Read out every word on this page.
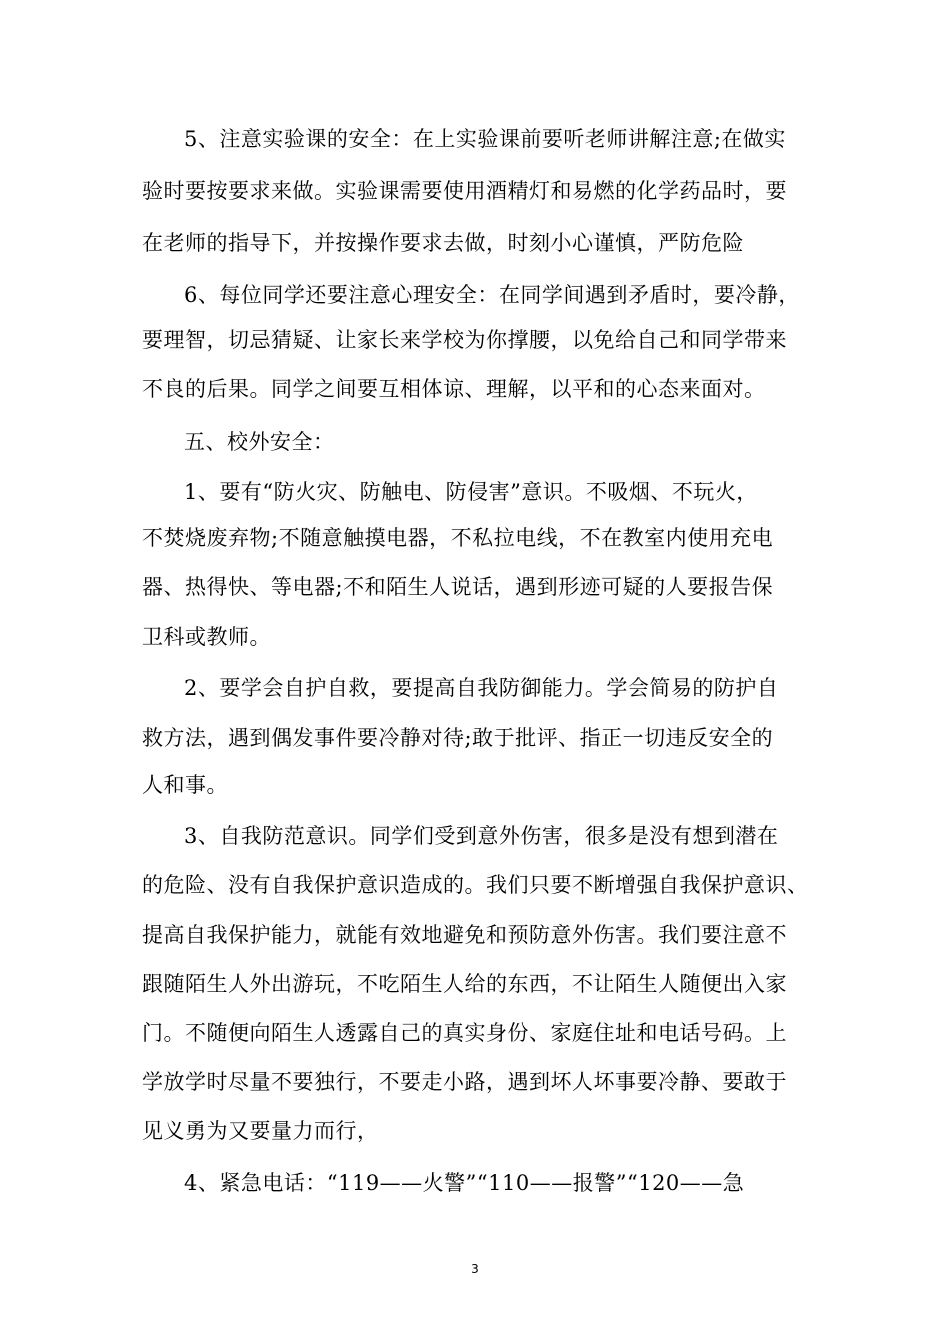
5、注意实验课的安全：在上实验课前要听老师讲解注意;在做实
验时要按要求来做。实验课需要使用酒精灯和易燃的化学药品时，要
在老师的指导下，并按操作要求去做，时刻小心谨慎，严防危险
6、每位同学还要注意心理安全：在同学间遇到矛盾时，要冷静，
要理智，切忌猜疑、让家长来学校为你撑腰，以免给自己和同学带来
不良的后果。同学之间要互相体谅、理解，以平和的心态来面对。
五、校外安全：
1、要有“防火灾、防触电、防侵害”意识。不吸烟、不玩火，
不焚烧废弃物;不随意触摸电器，不私拉电线，不在教室内使用充电
器、热得快、等电器;不和陌生人说话，遇到形迹可疑的人要报告保
卫科或教师。
2、要学会自护自救，要提高自我防御能力。学会简易的防护自
救方法，遇到偶发事件要冷静对待;敢于批评、指正一切违反安全的
人和事。
3、自我防范意识。同学们受到意外伤害，很多是没有想到潜在
的危险、没有自我保护意识造成的。我们只要不断增强自我保护意识、
提高自我保护能力，就能有效地避免和预防意外伤害。我们要注意不
跟随陌生人外出游玩，不吃陌生人给的东西，不让陌生人随便出入家
门。不随便向陌生人透露自己的真实身份、家庭住址和电话号码。上
学放学时尽量不要独行，不要走小路，遇到坏人坏事要冷静、要敢于
见义勇为又要量力而行，
4、紧急电话：“119——火警”“110——报警”“120——急
3
